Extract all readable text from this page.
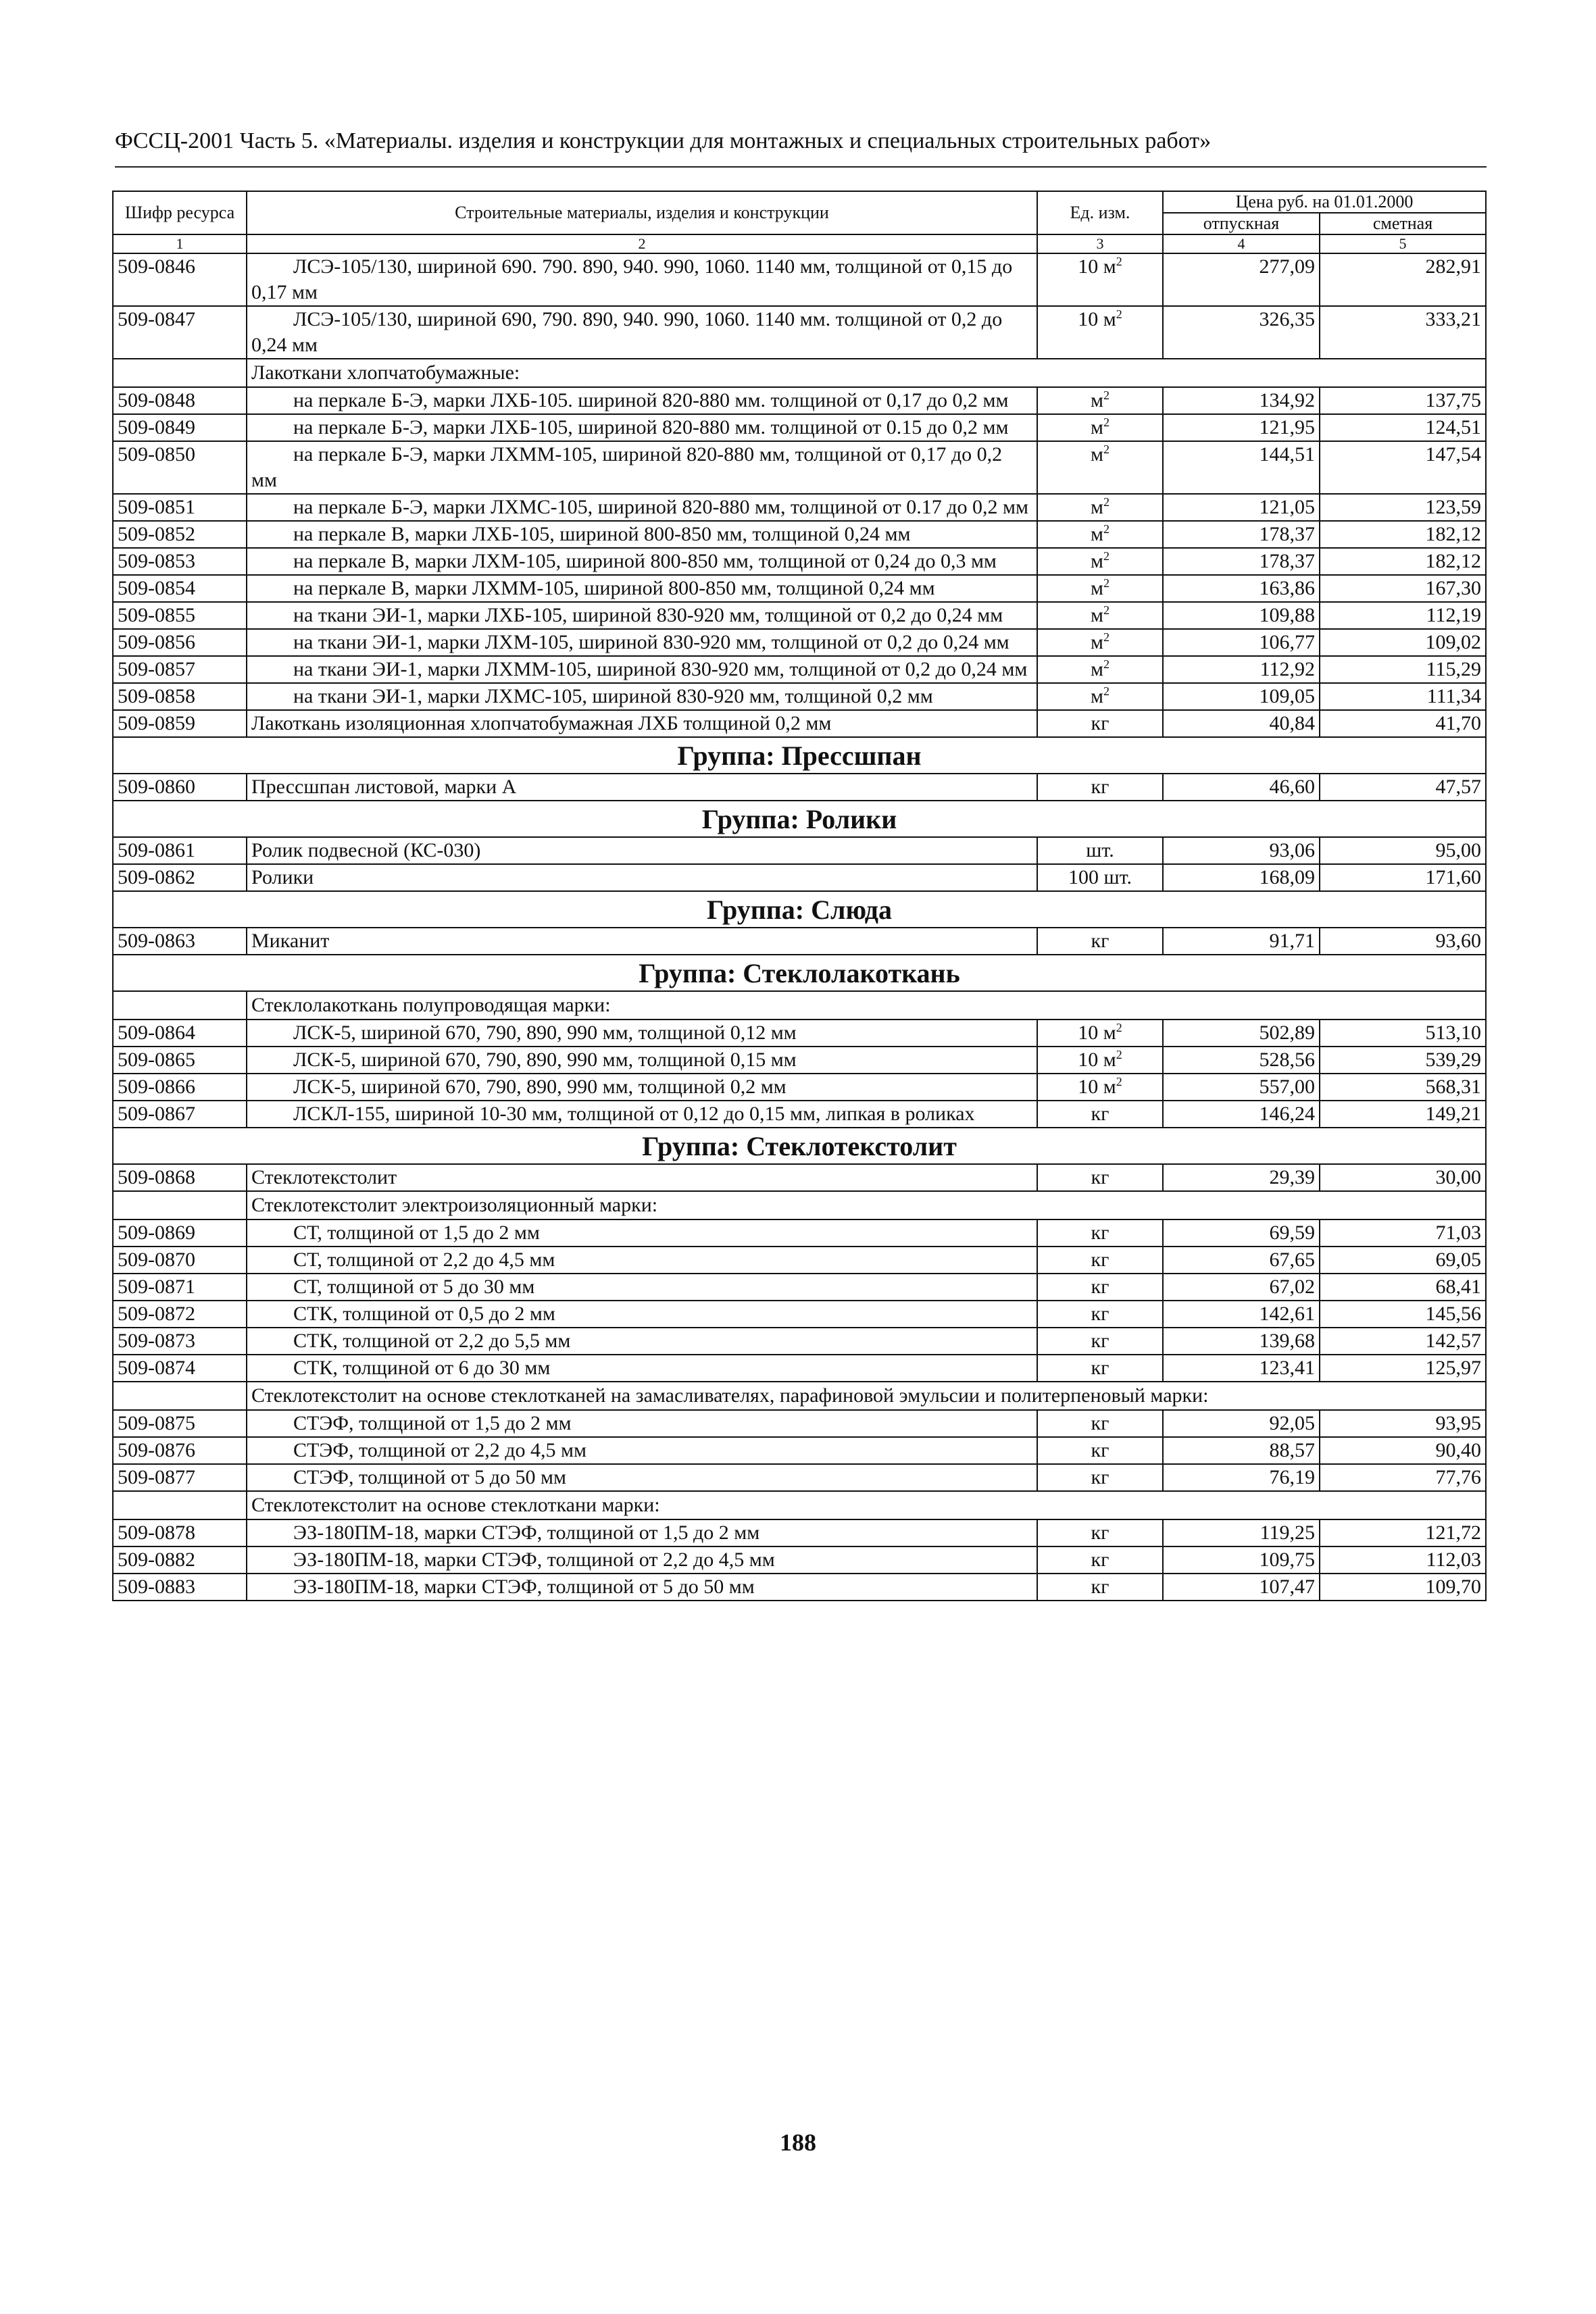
ФССЦ-2001 Часть 5. «Материалы. изделия и конструкции для монтажных и специальных строительных работ»
Шифр ресурса	Строительные материалы, изделия и конструкции	Ед. изм.	Цена руб. на 01.01.2000	
			отпускная	сметная
1	2	3	4	5
509-0846	ЛСЭ-105/130, шириной 690. 790. 890, 940. 990, 1060. 1140 мм, толщиной от 0,15 до 0,17 мм	10 $м^2$	277,09	282,91
509-0847	ЛСЭ-105/130, шириной 690, 790. 890, 940. 990, 1060. 1140 мм. толщиной от 0,2 до 0,24 мм	10 $м^2$	326,35	333,21
	Лакоткани хлопчатобумажные:			
509-0848	на перкале Б-Э, марки ЛХБ-105. шириной 820-880 мм. толщиной от 0,17 до 0,2 мм	$м^2$	134,92	137,75
509-0849	на перкале Б-Э, марки ЛХБ-105, шириной 820-880 мм. толщиной от 0.15 до 0,2 мм	$м^2$	121,95	124,51
509-0850	на перкале Б-Э, марки ЛХММ-105, шириной 820-880 мм, толщиной от 0,17 до 0,2 мм	$м^2$	144,51	147,54
509-0851	на перкале Б-Э, марки ЛХМС-105, шириной 820-880 мм, толщиной от 0.17 до 0,2 мм	$м^2$	121,05	123,59
509-0852	на перкале В, марки ЛХБ-105, шириной 800-850 мм, толщиной 0,24 мм	$м^2$	178,37	182,12
509-0853	на перкале В, марки ЛХМ-105, шириной 800-850 мм, толщиной от 0,24 до 0,3 мм	$м^2$	178,37	182,12
509-0854	на перкале В, марки ЛХММ-105, шириной 800-850 мм, толщиной 0,24 мм	$м^2$	163,86	167,30
509-0855	на ткани ЭИ-1, марки ЛХБ-105, шириной 830-920 мм, толщиной от 0,2 до 0,24 мм	$м^2$	109,88	112,19
509-0856	на ткани ЭИ-1, марки ЛХМ-105, шириной 830-920 мм, толщиной от 0,2 до 0,24 мм	$м^2$	106,77	109,02
509-0857	на ткани ЭИ-1, марки ЛХММ-105, шириной 830-920 мм, толщиной от 0,2 до 0,24 мм	$м^2$	112,92	115,29
509-0858	на ткани ЭИ-1, марки ЛХМС-105, шириной 830-920 мм, толщиной 0,2 мм	$м^2$	109,05	111,34
509-0859	Лакоткань изоляционная хлопчатобумажная ЛХБ толщиной 0,2 мм	кг	40,84	41,70
Группа: Прессшпан				
509-0860	Прессшпан листовой, марки А	кг	46,60	47,57
Группа: Ролики				
509-0861	Ролик подвесной (КС-030)	шт.	93,06	95,00
509-0862	Ролики	100 шт.	168,09	171,60
Группа: Слюда				
509-0863	Миканит	кг	91,71	93,60
Группа: Стеклолакоткань				
	Стеклолакоткань полупроводящая марки:			
509-0864	ЛСК-5, шириной 670, 790, 890, 990 мм, толщиной 0,12 мм	10 $м^2$	502,89	513,10
509-0865	ЛСК-5, шириной 670, 790, 890, 990 мм, толщиной 0,15 мм	10 $м^2$	528,56	539,29
509-0866	ЛСК-5, шириной 670, 790, 890, 990 мм, толщиной 0,2 мм	10 $м^2$	557,00	568,31
509-0867	ЛСКЛ-155, шириной 10-30 мм, толщиной от 0,12 до 0,15 мм, липкая в роликах	кг	146,24	149,21
Группа: Стеклотекстолит				
509-0868	Стеклотекстолит	кг	29,39	30,00
	Стеклотекстолит электроизоляционный марки:			
509-0869	СТ, толщиной от 1,5 до 2 мм	кг	69,59	71,03
509-0870	СТ, толщиной от 2,2 до 4,5 мм	кг	67,65	69,05
509-0871	СТ, толщиной от 5 до 30 мм	кг	67,02	68,41
509-0872	СТК, толщиной от 0,5 до 2 мм	кг	142,61	145,56
509-0873	СТК, толщиной от 2,2 до 5,5 мм	кг	139,68	142,57
509-0874	СТК, толщиной от 6 до 30 мм	кг	123,41	125,97
	Стеклотекстолит на основе стеклотканей на замасливателях, парафиновой эмульсии и политерпеновый марки:			
509-0875	СТЭФ, толщиной от 1,5 до 2 мм	кг	92,05	93,95
509-0876	СТЭФ, толщиной от 2,2 до 4,5 мм	кг	88,57	90,40
509-0877	СТЭФ, толщиной от 5 до 50 мм	кг	76,19	77,76
	Стеклотекстолит на основе стеклоткани марки:			
509-0878	ЭЗ-180ПМ-18, марки СТЭФ, толщиной от 1,5 до 2 мм	кг	119,25	121,72
509-0882	ЭЗ-180ПМ-18, марки СТЭФ, толщиной от 2,2 до 4,5 мм	кг	109,75	112,03
509-0883	ЭЗ-180ПМ-18, марки СТЭФ, толщиной от 5 до 50 мм	кг	107,47	109,70
188
